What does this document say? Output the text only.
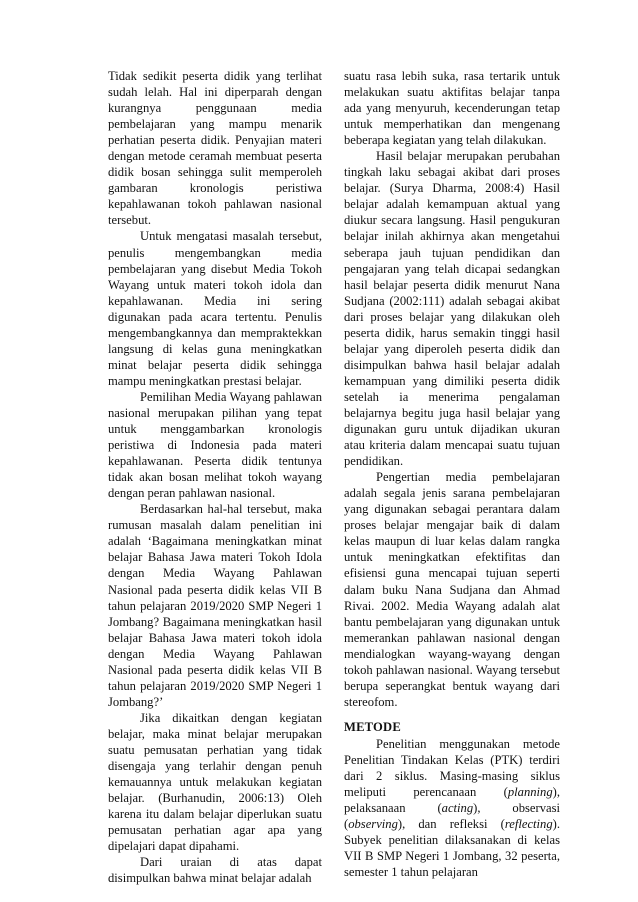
Tidak sedikit peserta didik yang terlihat sudah lelah. Hal ini diperparah dengan kurangnya penggunaan media pembelajaran yang mampu menarik perhatian peserta didik. Penyajian materi dengan metode ceramah membuat peserta didik bosan sehingga sulit memperoleh gambaran kronologis peristiwa kepahlawanan tokoh pahlawan nasional tersebut.

Untuk mengatasi masalah tersebut, penulis mengembangkan media pembelajaran yang disebut Media Tokoh Wayang untuk materi tokoh idola dan kepahlawanan. Media ini sering digunakan pada acara tertentu. Penulis mengembangkannya dan mempraktekkan langsung di kelas guna meningkatkan minat belajar peserta didik sehingga mampu meningkatkan prestasi belajar.

Pemilihan Media Wayang pahlawan nasional merupakan pilihan yang tepat untuk menggambarkan kronologis peristiwa di Indonesia pada materi kepahlawanan. Peserta didik tentunya tidak akan bosan melihat tokoh wayang dengan peran pahlawan nasional.

Berdasarkan hal-hal tersebut, maka rumusan masalah dalam penelitian ini adalah ‘Bagaimana meningkatkan minat belajar Bahasa Jawa materi Tokoh Idola dengan Media Wayang Pahlawan Nasional pada peserta didik kelas VII B tahun pelajaran 2019/2020 SMP Negeri 1 Jombang? Bagaimana meningkatkan hasil belajar Bahasa Jawa materi tokoh idola dengan Media Wayang Pahlawan Nasional pada peserta didik kelas VII B tahun pelajaran 2019/2020 SMP Negeri 1 Jombang?’

Jika dikaitkan dengan kegiatan belajar, maka minat belajar merupakan suatu pemusatan perhatian yang tidak disengaja yang terlahir dengan penuh kemauannya untuk melakukan kegiatan belajar. (Burhanudin, 2006:13) Oleh karena itu dalam belajar diperlukan suatu pemusatan perhatian agar apa yang dipelajari dapat dipahami.

Dari uraian di atas dapat disimpulkan bahwa minat belajar adalah

suatu rasa lebih suka, rasa tertarik untuk melakukan suatu aktifitas belajar tanpa ada yang menyuruh, kecenderungan tetap untuk memperhatikan dan mengenang beberapa kegiatan yang telah dilakukan.

Hasil belajar merupakan perubahan tingkah laku sebagai akibat dari proses belajar. (Surya Dharma, 2008:4) Hasil belajar adalah kemampuan aktual yang diukur secara langsung. Hasil pengukuran belajar inilah akhirnya akan mengetahui seberapa jauh tujuan pendidikan dan pengajaran yang telah dicapai sedangkan hasil belajar peserta didik menurut Nana Sudjana (2002:111) adalah sebagai akibat dari proses belajar yang dilakukan oleh peserta didik, harus semakin tinggi hasil belajar yang diperoleh peserta didik dan disimpulkan bahwa hasil belajar adalah kemampuan yang dimiliki peserta didik setelah ia menerima pengalaman belajarnya begitu juga hasil belajar yang digunakan guru untuk dijadikan ukuran atau kriteria dalam mencapai suatu tujuan pendidikan.

Pengertian media pembelajaran adalah segala jenis sarana pembelajaran yang digunakan sebagai perantara dalam proses belajar mengajar baik di dalam kelas maupun di luar kelas dalam rangka untuk meningkatkan efektifitas dan efisiensi guna mencapai tujuan seperti dalam buku Nana Sudjana dan Ahmad Rivai. 2002. Media Wayang adalah alat bantu pembelajaran yang digunakan untuk memerankan pahlawan nasional dengan mendialogkan wayang-wayang dengan tokoh pahlawan nasional. Wayang tersebut berupa seperangkat bentuk wayang dari stereofom.

METODE

Penelitian menggunakan metode Penelitian Tindakan Kelas (PTK) terdiri dari 2 siklus. Masing-masing siklus meliputi perencanaan (planning), pelaksanaan (acting), observasi (observing), dan refleksi (reflecting). Subyek penelitian dilaksanakan di kelas VII B SMP Negeri 1 Jombang, 32 peserta, semester 1 tahun pelajaran
